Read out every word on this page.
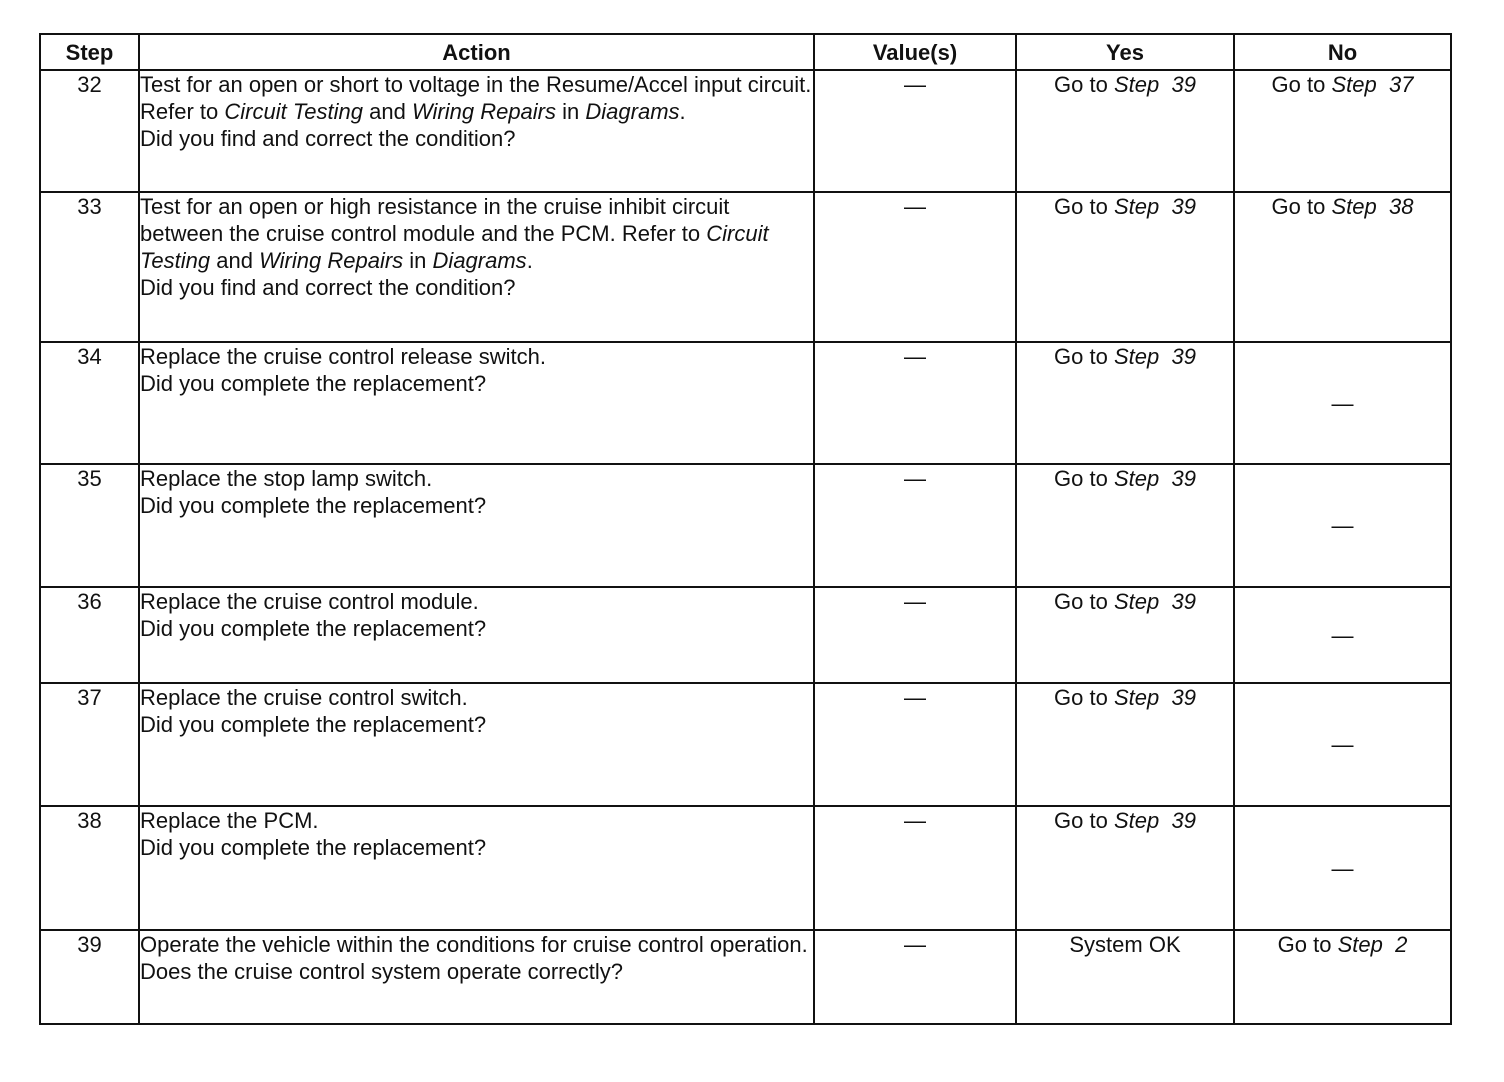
Step	Action	Value(s)	Yes	No
32	Test for an open or short to voltage in the Resume/Accel input circuit. Refer to Circuit Testing and Wiring Repairs in Diagrams.
Did you find and correct the condition?	—	Go to Step 39	Go to Step 37
33	Test for an open or high resistance in the cruise inhibit circuit between the cruise control module and the PCM. Refer to Circuit Testing and Wiring Repairs in Diagrams.
Did you find and correct the condition?	—	Go to Step 39	Go to Step 38
34	Replace the cruise control release switch.
Did you complete the replacement?	—	Go to Step 39	—
35	Replace the stop lamp switch.
Did you complete the replacement?	—	Go to Step 39	—
36	Replace the cruise control module.
Did you complete the replacement?	—	Go to Step 39	—
37	Replace the cruise control switch.
Did you complete the replacement?	—	Go to Step 39	—
38	Replace the PCM.
Did you complete the replacement?	—	Go to Step 39	—
39	Operate the vehicle within the conditions for cruise control operation.
Does the cruise control system operate correctly?	—	System OK	Go to Step 2
